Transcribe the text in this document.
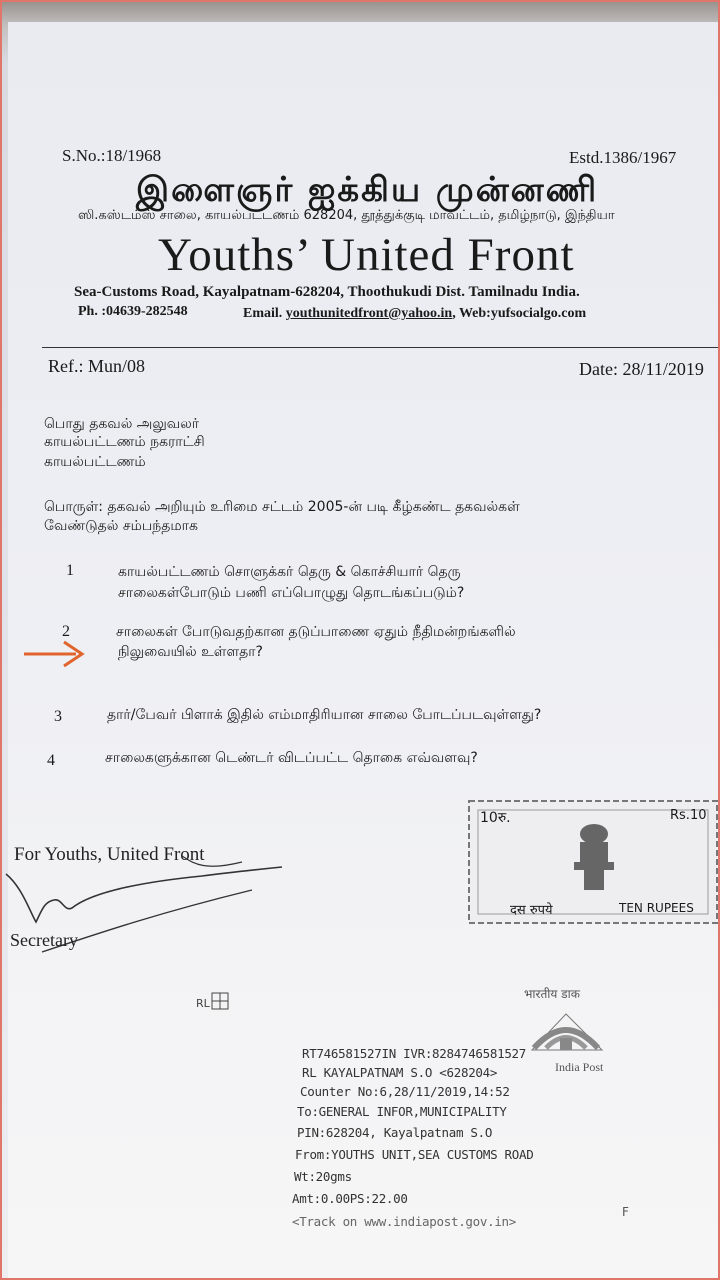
S.No.:18/1968	Estd.1386/1967
இளைஞர் ஐக்கிய முன்னணி
ஸி.கஸ்டம்ஸ் சாலை, காயல்பட்டணம் 628204, தூத்துக்குடி மாவட்டம், தமிழ்நாடு, இந்தியா
Youths’ United Front
Sea-Customs Road, Kayalpatnam-628204, Thoothukudi Dist. Tamilnadu India.
Ph. :04639-282548	Email. youthunitedfront@yahoo.in, Web:yufsocialgo.com
Ref.: Mun/08	Date: 28/11/2019
பொது தகவல் அலுவலர்
காயல்பட்டணம் நகராட்சி
காயல்பட்டணம்
பொருள்: தகவல் அறியும் உரிமை சட்டம் 2005-ன் படி கீழ்கண்ட தகவல்கள்
வேண்டுதல் சம்பந்தமாக
1	காயல்பட்டணம் சொளுக்கர் தெரு & கொச்சியார் தெரு
சாலைகள்போடும் பணி எப்பொழுது தொடங்கப்படும்?
2	சாலைகள் போடுவதற்கான தடுப்பாணை ஏதும் நீதிமன்றங்களில்
நிலுவையில் உள்ளதா?
3	தார்/பேவர் பிளாக் இதில் எம்மாதிரியான சாலை போடப்படவுள்ளது?
4	சாலைகளுக்கான டெண்டர் விடப்பட்ட தொகை எவ்வளவு?
For Youths, United Front
Secretary
10रु.	Rs.10
दस रुपये	TEN RUPEES
RL
भारतीय डाक
India Post
RT746581527IN IVR:8284746581527
RL KAYALPATNAM S.O <628204>
Counter No:6,28/11/2019,14:52
To:GENERAL INFOR,MUNICIPALITY
PIN:628204, Kayalpatnam S.O
From:YOUTHS UNIT,SEA CUSTOMS ROAD
Wt:20gms
Amt:0.00PS:22.00
<Track on www.indiapost.gov.in>
F
